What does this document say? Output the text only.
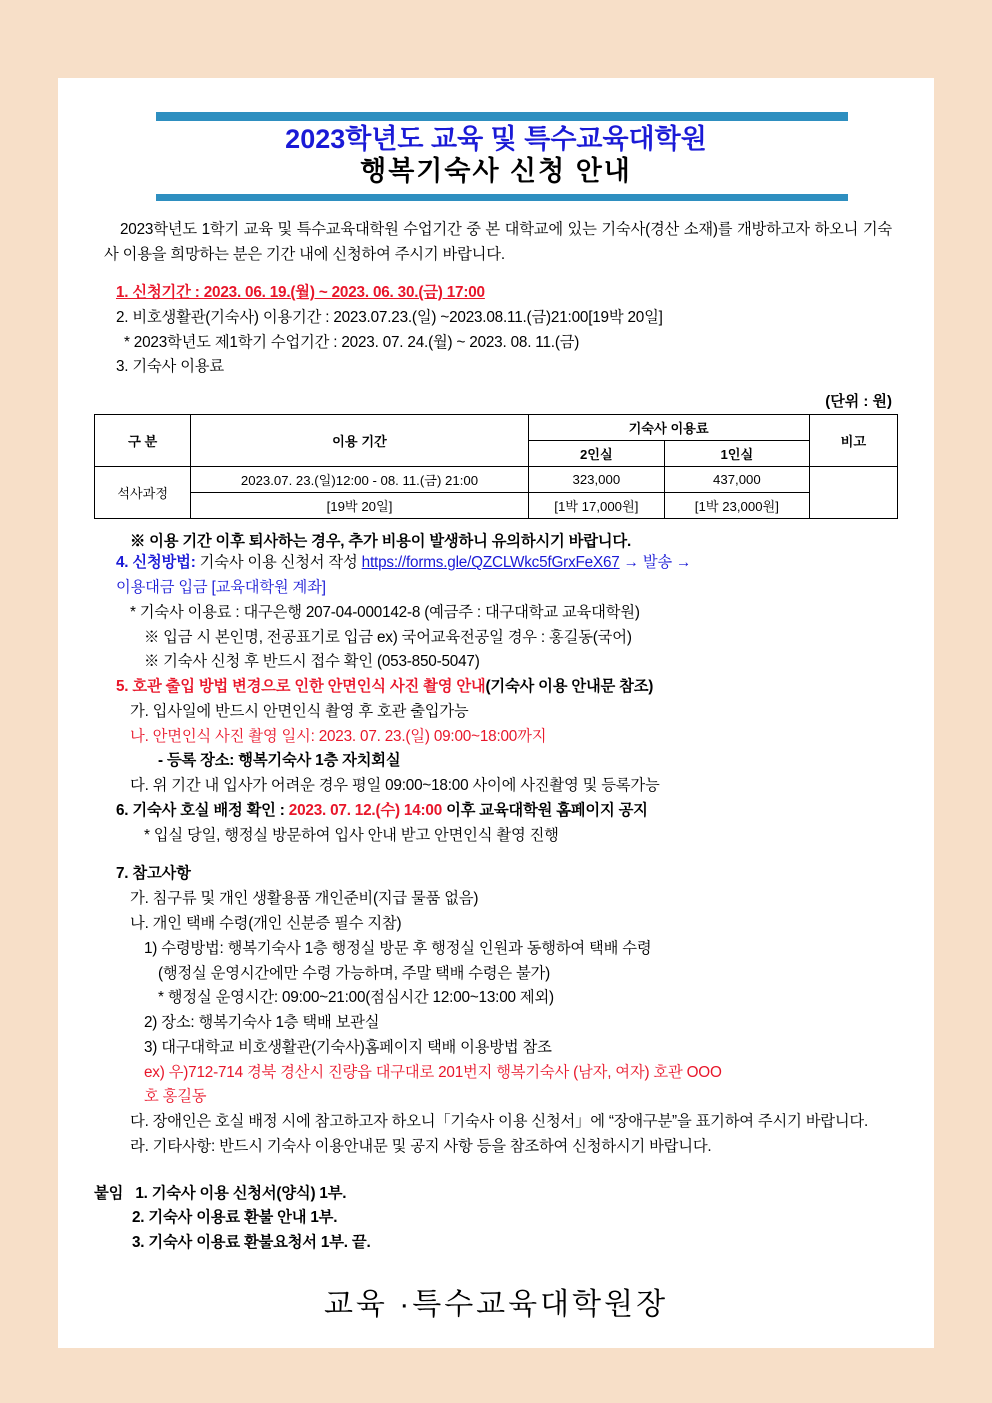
2023학년도 교육 및 특수교육대학원
행복기숙사 신청 안내
2023학년도 1학기 교육 및 특수교육대학원 수업기간 중 본 대학교에 있는 기숙사(경산 소재)를 개방하고자 하오니 기숙사 이용을 희망하는 분은 기간 내에 신청하여 주시기 바랍니다.
1. 신청기간 : 2023. 06. 19.(월) ~ 2023. 06. 30.(금) 17:00
2. 비호생활관(기숙사) 이용기간 : 2023.07.23.(일) ~2023.08.11.(금)21:00[19박 20일]
* 2023학년도 제1학기 수업기간 : 2023. 07. 24.(월) ~ 2023. 08. 11.(금)
3. 기숙사 이용료
(단위 : 원)
구 분	이용 기간	기숙사 이용료		비고
		2인실	1인실	
석사과정	2023.07. 23.(일)12:00 - 08. 11.(금) 21:00	323,000	437,000	
	[19박 20일]	[1박 17,000원]	[1박 23,000원]	
※ 이용 기간 이후 퇴사하는 경우, 추가 비용이 발생하니 유의하시기 바랍니다.
4. 신청방법: 기숙사 이용 신청서 작성 https://forms.gle/QZCLWkc5fGrxFeX67 → 발송 →
이용대금 입금 [교육대학원 계좌]
* 기숙사 이용료 : 대구은행 207-04-000142-8 (예금주 : 대구대학교 교육대학원)
※ 입금 시 본인명, 전공표기로 입금 ex) 국어교육전공일 경우 : 홍길동(국어)
※ 기숙사 신청 후 반드시 접수 확인 (053-850-5047)
5. 호관 출입 방법 변경으로 인한 안면인식 사진 촬영 안내(기숙사 이용 안내문 참조)
가. 입사일에 반드시 안면인식 촬영 후 호관 출입가능
나. 안면인식 사진 촬영 일시: 2023. 07. 23.(일) 09:00~18:00까지
- 등록 장소: 행복기숙사 1층 자치회실
다. 위 기간 내 입사가 어려운 경우 평일 09:00~18:00 사이에 사진촬영 및 등록가능
6. 기숙사 호실 배정 확인 : 2023. 07. 12.(수) 14:00 이후 교육대학원 홈페이지 공지
* 입실 당일, 행정실 방문하여 입사 안내 받고 안면인식 촬영 진행
7. 참고사항
가. 침구류 및 개인 생활용품 개인준비(지급 물품 없음)
나. 개인 택배 수령(개인 신분증 필수 지참)
1) 수령방법: 행복기숙사 1층 행정실 방문 후 행정실 인원과 동행하여 택배 수령
(행정실 운영시간에만 수령 가능하며, 주말 택배 수령은 불가)
* 행정실 운영시간: 09:00~21:00(점심시간 12:00~13:00 제외)
2) 장소: 행복기숙사 1층 택배 보관실
3) 대구대학교 비호생활관(기숙사)홈페이지 택배 이용방법 참조
ex) 우)712-714 경북 경산시 진량읍 대구대로 201번지 행복기숙사 (남자, 여자) 호관 OOO
호 홍길동
다. 장애인은 호실 배정 시에 참고하고자 하오니「기숙사 이용 신청서」에 “장애구분”을 표기하여 주시기 바랍니다.
라. 기타사항: 반드시 기숙사 이용안내문 및 공지 사항 등을 참조하여 신청하시기 바랍니다.
붙임 1. 기숙사 이용 신청서(양식) 1부.
2. 기숙사 이용료 환불 안내 1부.
3. 기숙사 이용료 환불요청서 1부. 끝.
교육 ·특수교육대학원장
